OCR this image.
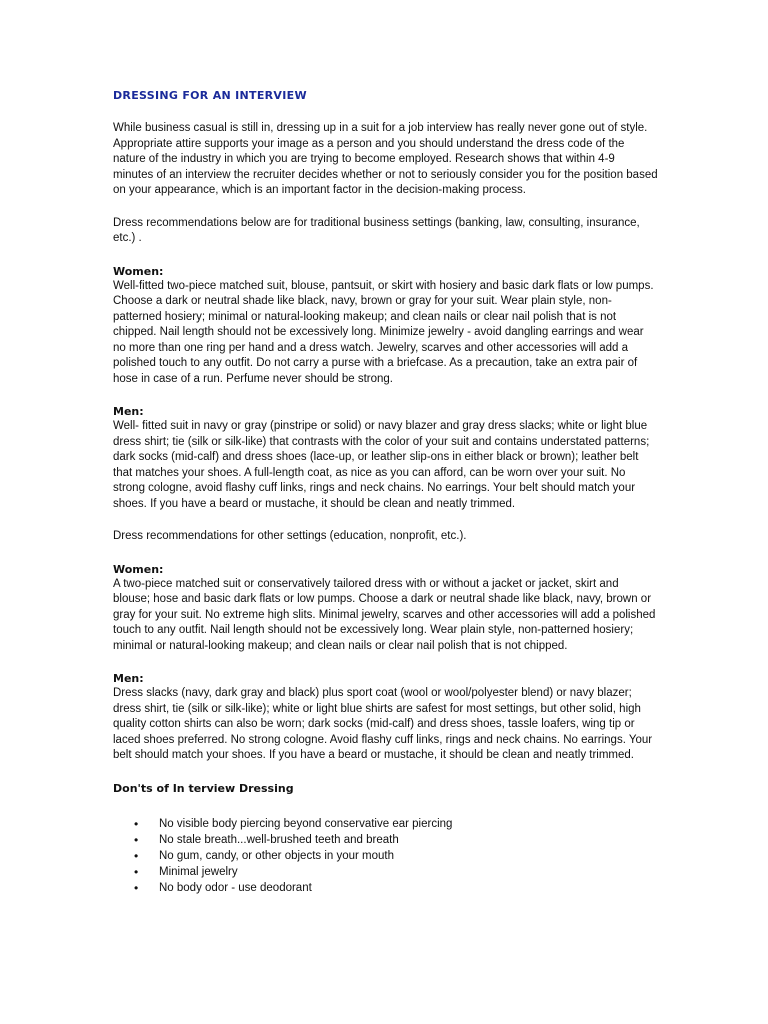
DRESSING FOR AN INTERVIEW
While business casual is still in, dressing up in a suit for a job interview has really never gone out of style. Appropriate attire supports your image as a person and you should understand the dress code of the nature of the industry in which you are trying to become employed. Research shows that within 4-9 minutes of an interview the recruiter decides whether or not to seriously consider you for the position based on your appearance, which is an important factor in the decision-making process.
Dress recommendations below are for traditional business settings (banking, law, consulting, insurance, etc.) .
Women:
Well-fitted two-piece matched suit, blouse, pantsuit, or skirt with hosiery and basic dark flats or low pumps. Choose a dark or neutral shade like black, navy, brown or gray for your suit. Wear plain style, non-patterned hosiery; minimal or natural-looking makeup; and clean nails or clear nail polish that is not chipped. Nail length should not be excessively long. Minimize jewelry - avoid dangling earrings and wear no more than one ring per hand and a dress watch. Jewelry, scarves and other accessories will add a polished touch to any outfit. Do not carry a purse with a briefcase. As a precaution, take an extra pair of hose in case of a run. Perfume never should be strong.
Men:
Well- fitted suit in navy or gray (pinstripe or solid) or navy blazer and gray dress slacks; white or light blue dress shirt; tie (silk or silk-like) that contrasts with the color of your suit and contains understated patterns; dark socks (mid-calf) and dress shoes (lace-up, or leather slip-ons in either black or brown); leather belt that matches your shoes. A full-length coat, as nice as you can afford, can be worn over your suit. No strong cologne, avoid flashy cuff links, rings and neck chains. No earrings. Your belt should match your shoes. If you have a beard or mustache, it should be clean and neatly trimmed.
Dress recommendations for other settings (education, nonprofit, etc.).
Women:
A two-piece matched suit or conservatively tailored dress with or without a jacket or jacket, skirt and blouse; hose and basic dark flats or low pumps. Choose a dark or neutral shade like black, navy, brown or gray for your suit. No extreme high slits. Minimal jewelry, scarves and other accessories will add a polished touch to any outfit. Nail length should not be excessively long. Wear plain style, non-patterned hosiery; minimal or natural-looking makeup; and clean nails or clear nail polish that is not chipped.
Men:
Dress slacks (navy, dark gray and black) plus sport coat (wool or wool/polyester blend) or navy blazer; dress shirt, tie (silk or silk-like); white or light blue shirts are safest for most settings, but other solid, high quality cotton shirts can also be worn; dark socks (mid-calf) and dress shoes, tassle loafers, wing tip or laced shoes preferred. No strong cologne. Avoid flashy cuff links, rings and neck chains. No earrings. Your belt should match your shoes. If you have a beard or mustache, it should be clean and neatly trimmed.
Don'ts of In terview Dressing
• No visible body piercing beyond conservative ear piercing
• No stale breath...well-brushed teeth and breath
• No gum, candy, or other objects in your mouth
• Minimal jewelry
• No body odor - use deodorant
